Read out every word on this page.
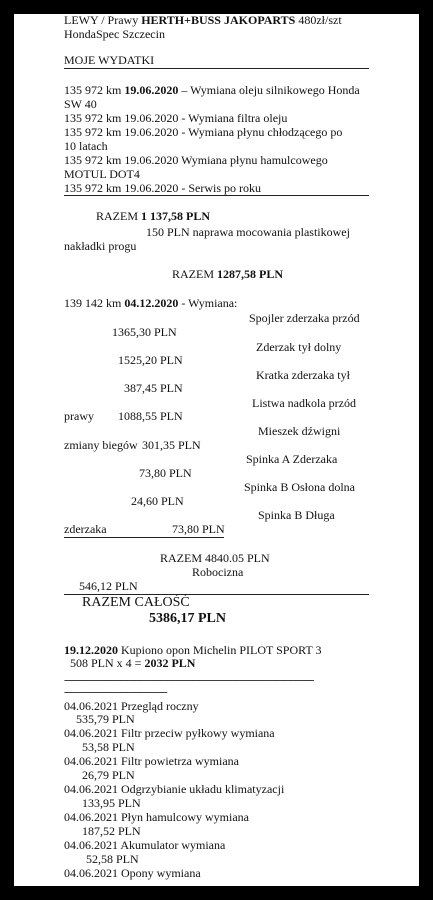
LEWY / Prawy HERTH+BUSS JAKOPARTS 480zł/szt
HondaSpec Szczecin
MOJE WYDATKI
135 972 km 19.06.2020 – Wymiana oleju silnikowego Honda
SW 40
135 972 km 19.06.2020 - Wymiana filtra oleju
135 972 km 19.06.2020 - Wymiana płynu chłodzącego po
10 latach
135 972 km 19.06.2020 Wymiana płynu hamulcowego
MOTUL DOT4
135 972 km 19.06.2020 - Serwis po roku
RAZEM 1 137,58 PLN
150 PLN naprawa mocowania plastikowej
nakładki progu
RAZEM 1287,58 PLN
139 142 km 04.12.2020 - Wymiana:
Spojler zderzaka przód
1365,30 PLN
Zderzak tył dolny
1525,20 PLN
Kratka zderzaka tył
387,45 PLN
Listwa nadkola przód
prawy 1088,55 PLN
Mieszek dźwigni
zmiany biegów 301,35 PLN
Spinka A Zderzaka
73,80 PLN
Spinka B Osłona dolna
24,60 PLN
Spinka B Długa
zderzaka	73,80 PLN
RAZEM 4840.05 PLN
Robocizna
546,12 PLN
RAZEM CAŁOŚĆ
5386,17 PLN
19.12.2020 Kupiono opon Michelin PILOT SPORT 3
508 PLN x 4 = 2032 PLN
-----------------------------------------------------------------------------------------------------------
--------------------------------------------
04.06.2021 Przegląd roczny
535,79 PLN
04.06.2021 Filtr przeciw pyłkowy wymiana
53,58 PLN
04.06.2021 Filtr powietrza wymiana
26,79 PLN
04.06.2021 Odgrzybianie układu klimatyzacji
133,95 PLN
04.06.2021 Płyn hamulcowy wymiana
187,52 PLN
04.06.2021 Akumulator wymiana
52,58 PLN
04.06.2021 Opony wymiana
